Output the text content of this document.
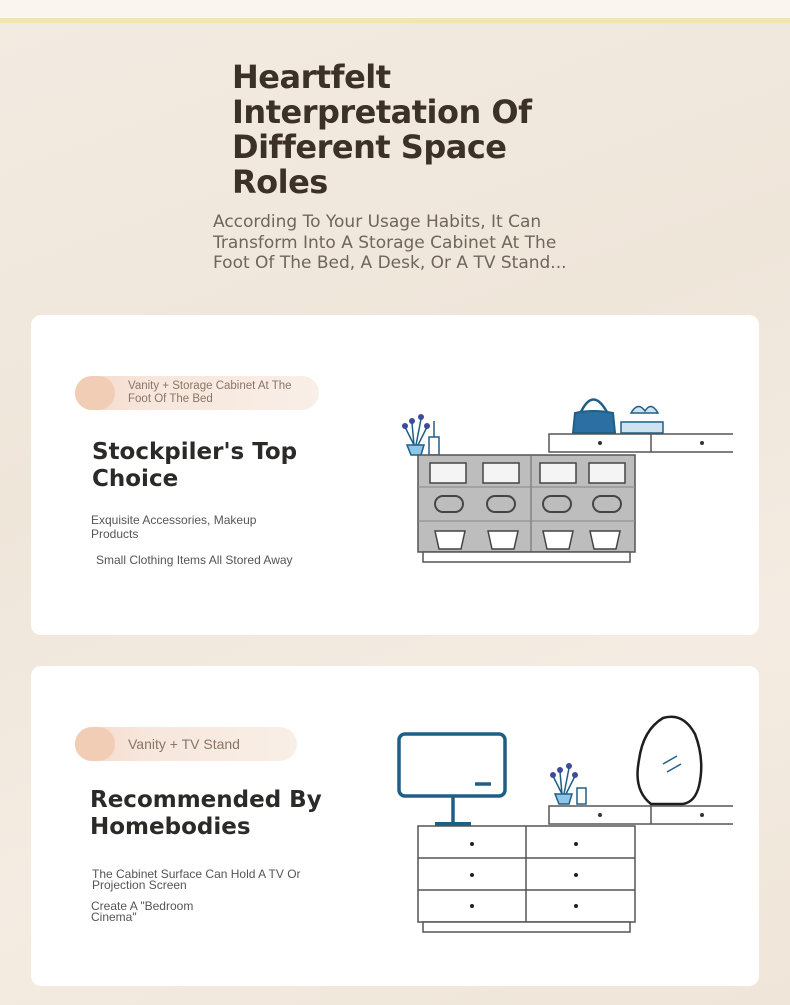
Heartfelt Interpretation Of Different Space Roles
According To Your Usage Habits, It Can Transform Into A Storage Cabinet At The Foot Of The Bed, A Desk, Or A TV Stand...
Vanity + Storage Cabinet At The Foot Of The Bed
Stockpiler's Top Choice
Exquisite Accessories, Makeup Products
Small Clothing Items All Stored Away
Vanity + TV Stand
Recommended By Homebodies
The Cabinet Surface Can Hold A TV Or Projection Screen
Create A "Bedroom Cinema"
